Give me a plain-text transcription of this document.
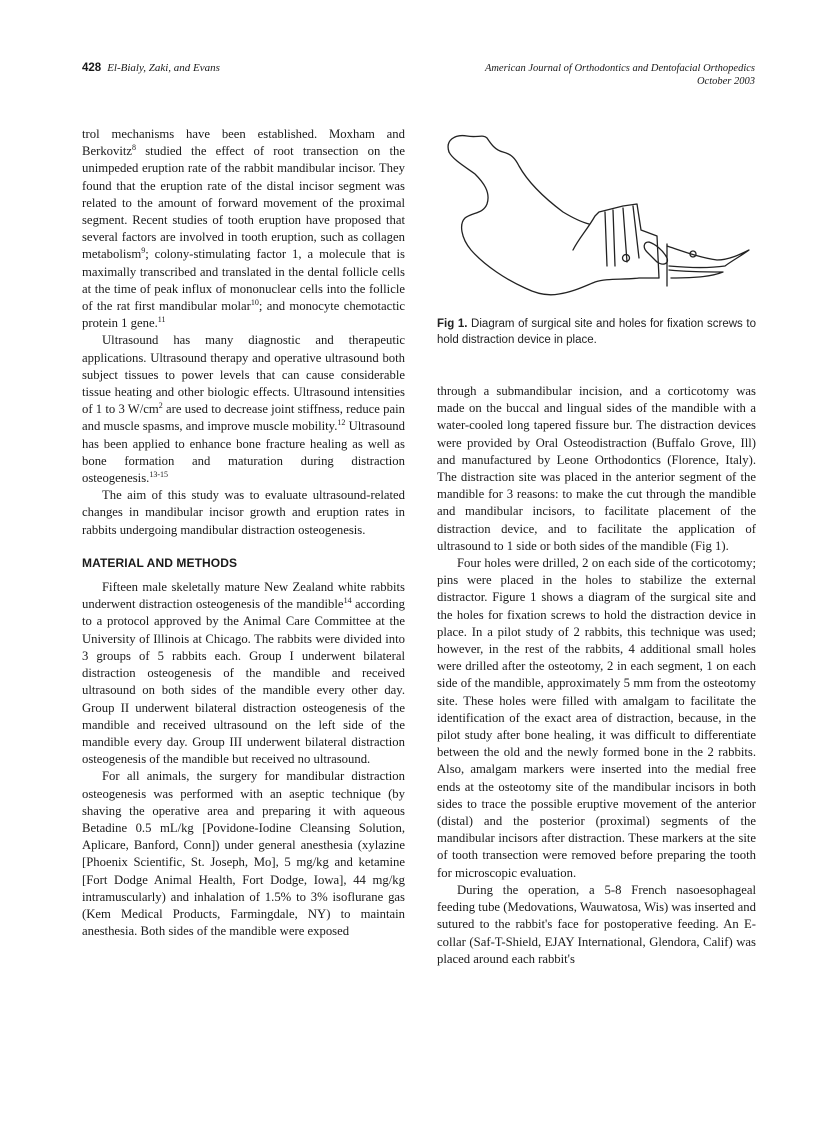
428 El-Bialy, Zaki, and Evans	American Journal of Orthodontics and Dentofacial Orthopedics
October 2003

trol mechanisms have been established. Moxham and Berkovitz$^8$ studied the effect of root transection on the unimpeded eruption rate of the rabbit mandibular incisor. They found that the eruption rate of the distal incisor segment was related to the amount of forward movement of the proximal segment. Recent studies of tooth eruption have proposed that several factors are involved in tooth eruption, such as collagen metabolism$^9$; colony-stimulating factor 1, a molecule that is maximally transcribed and translated in the dental follicle cells at the time of peak influx of mononuclear cells into the follicle of the rat first mandibular molar$^{10}$; and monocyte chemotactic protein 1 gene.$^{11}$

Ultrasound has many diagnostic and therapeutic applications. Ultrasound therapy and operative ultrasound both subject tissues to power levels that can cause considerable tissue heating and other biologic effects. Ultrasound intensities of 1 to 3 $W/cm^2$ are used to decrease joint stiffness, reduce pain and muscle spasms, and improve muscle mobility.$^{12}$ Ultrasound has been applied to enhance bone fracture healing as well as bone formation and maturation during distraction osteogenesis.$^{13-15}$

The aim of this study was to evaluate ultrasound-related changes in mandibular incisor growth and eruption rates in rabbits undergoing mandibular distraction osteogenesis.

MATERIAL AND METHODS

Fifteen male skeletally mature New Zealand white rabbits underwent distraction osteogenesis of the mandible$^{14}$ according to a protocol approved by the Animal Care Committee at the University of Illinois at Chicago. The rabbits were divided into 3 groups of 5 rabbits each. Group I underwent bilateral distraction osteogenesis of the mandible and received ultrasound on both sides of the mandible every other day. Group II underwent bilateral distraction osteogenesis of the mandible and received ultrasound on the left side of the mandible every day. Group III underwent bilateral distraction osteogenesis of the mandible but received no ultrasound.

For all animals, the surgery for mandibular distraction osteogenesis was performed with an aseptic technique (by shaving the operative area and preparing it with aqueous Betadine 0.5 mL/kg [Povidone-Iodine Cleansing Solution, Aplicare, Banford, Conn]) under general anesthesia (xylazine [Phoenix Scientific, St. Joseph, Mo], 5 mg/kg and ketamine [Fort Dodge Animal Health, Fort Dodge, Iowa], 44 mg/kg intramuscularly) and inhalation of 1.5% to 3% isoflurane gas (Kem Medical Products, Farmingdale, NY) to maintain anesthesia. Both sides of the mandible were exposed

Fig 1. Diagram of surgical site and holes for fixation screws to hold distraction device in place.

through a submandibular incision, and a corticotomy was made on the buccal and lingual sides of the mandible with a water-cooled long tapered fissure bur. The distraction devices were provided by Oral Osteodistraction (Buffalo Grove, Ill) and manufactured by Leone Orthodontics (Florence, Italy). The distraction site was placed in the anterior segment of the mandible for 3 reasons: to make the cut through the mandible and mandibular incisors, to facilitate placement of the distraction device, and to facilitate the application of ultrasound to 1 side or both sides of the mandible (Fig 1).

Four holes were drilled, 2 on each side of the corticotomy; pins were placed in the holes to stabilize the external distractor. Figure 1 shows a diagram of the surgical site and the holes for fixation screws to hold the distraction device in place. In a pilot study of 2 rabbits, this technique was used; however, in the rest of the rabbits, 4 additional small holes were drilled after the osteotomy, 2 in each segment, 1 on each side of the mandible, approximately 5 mm from the osteotomy site. These holes were filled with amalgam to facilitate the identification of the exact area of distraction, because, in the pilot study after bone healing, it was difficult to differentiate between the old and the newly formed bone in the 2 rabbits. Also, amalgam markers were inserted into the medial free ends at the osteotomy site of the mandibular incisors in both sides to trace the possible eruptive movement of the anterior (distal) and the posterior (proximal) segments of the mandibular incisors after distraction. These markers at the site of tooth transection were removed before preparing the tooth for microscopic evaluation.

During the operation, a 5-8 French nasoesophageal feeding tube (Medovations, Wauwatosa, Wis) was inserted and sutured to the rabbit's face for postoperative feeding. An E-collar (Saf-T-Shield, EJAY International, Glendora, Calif) was placed around each rabbit's
